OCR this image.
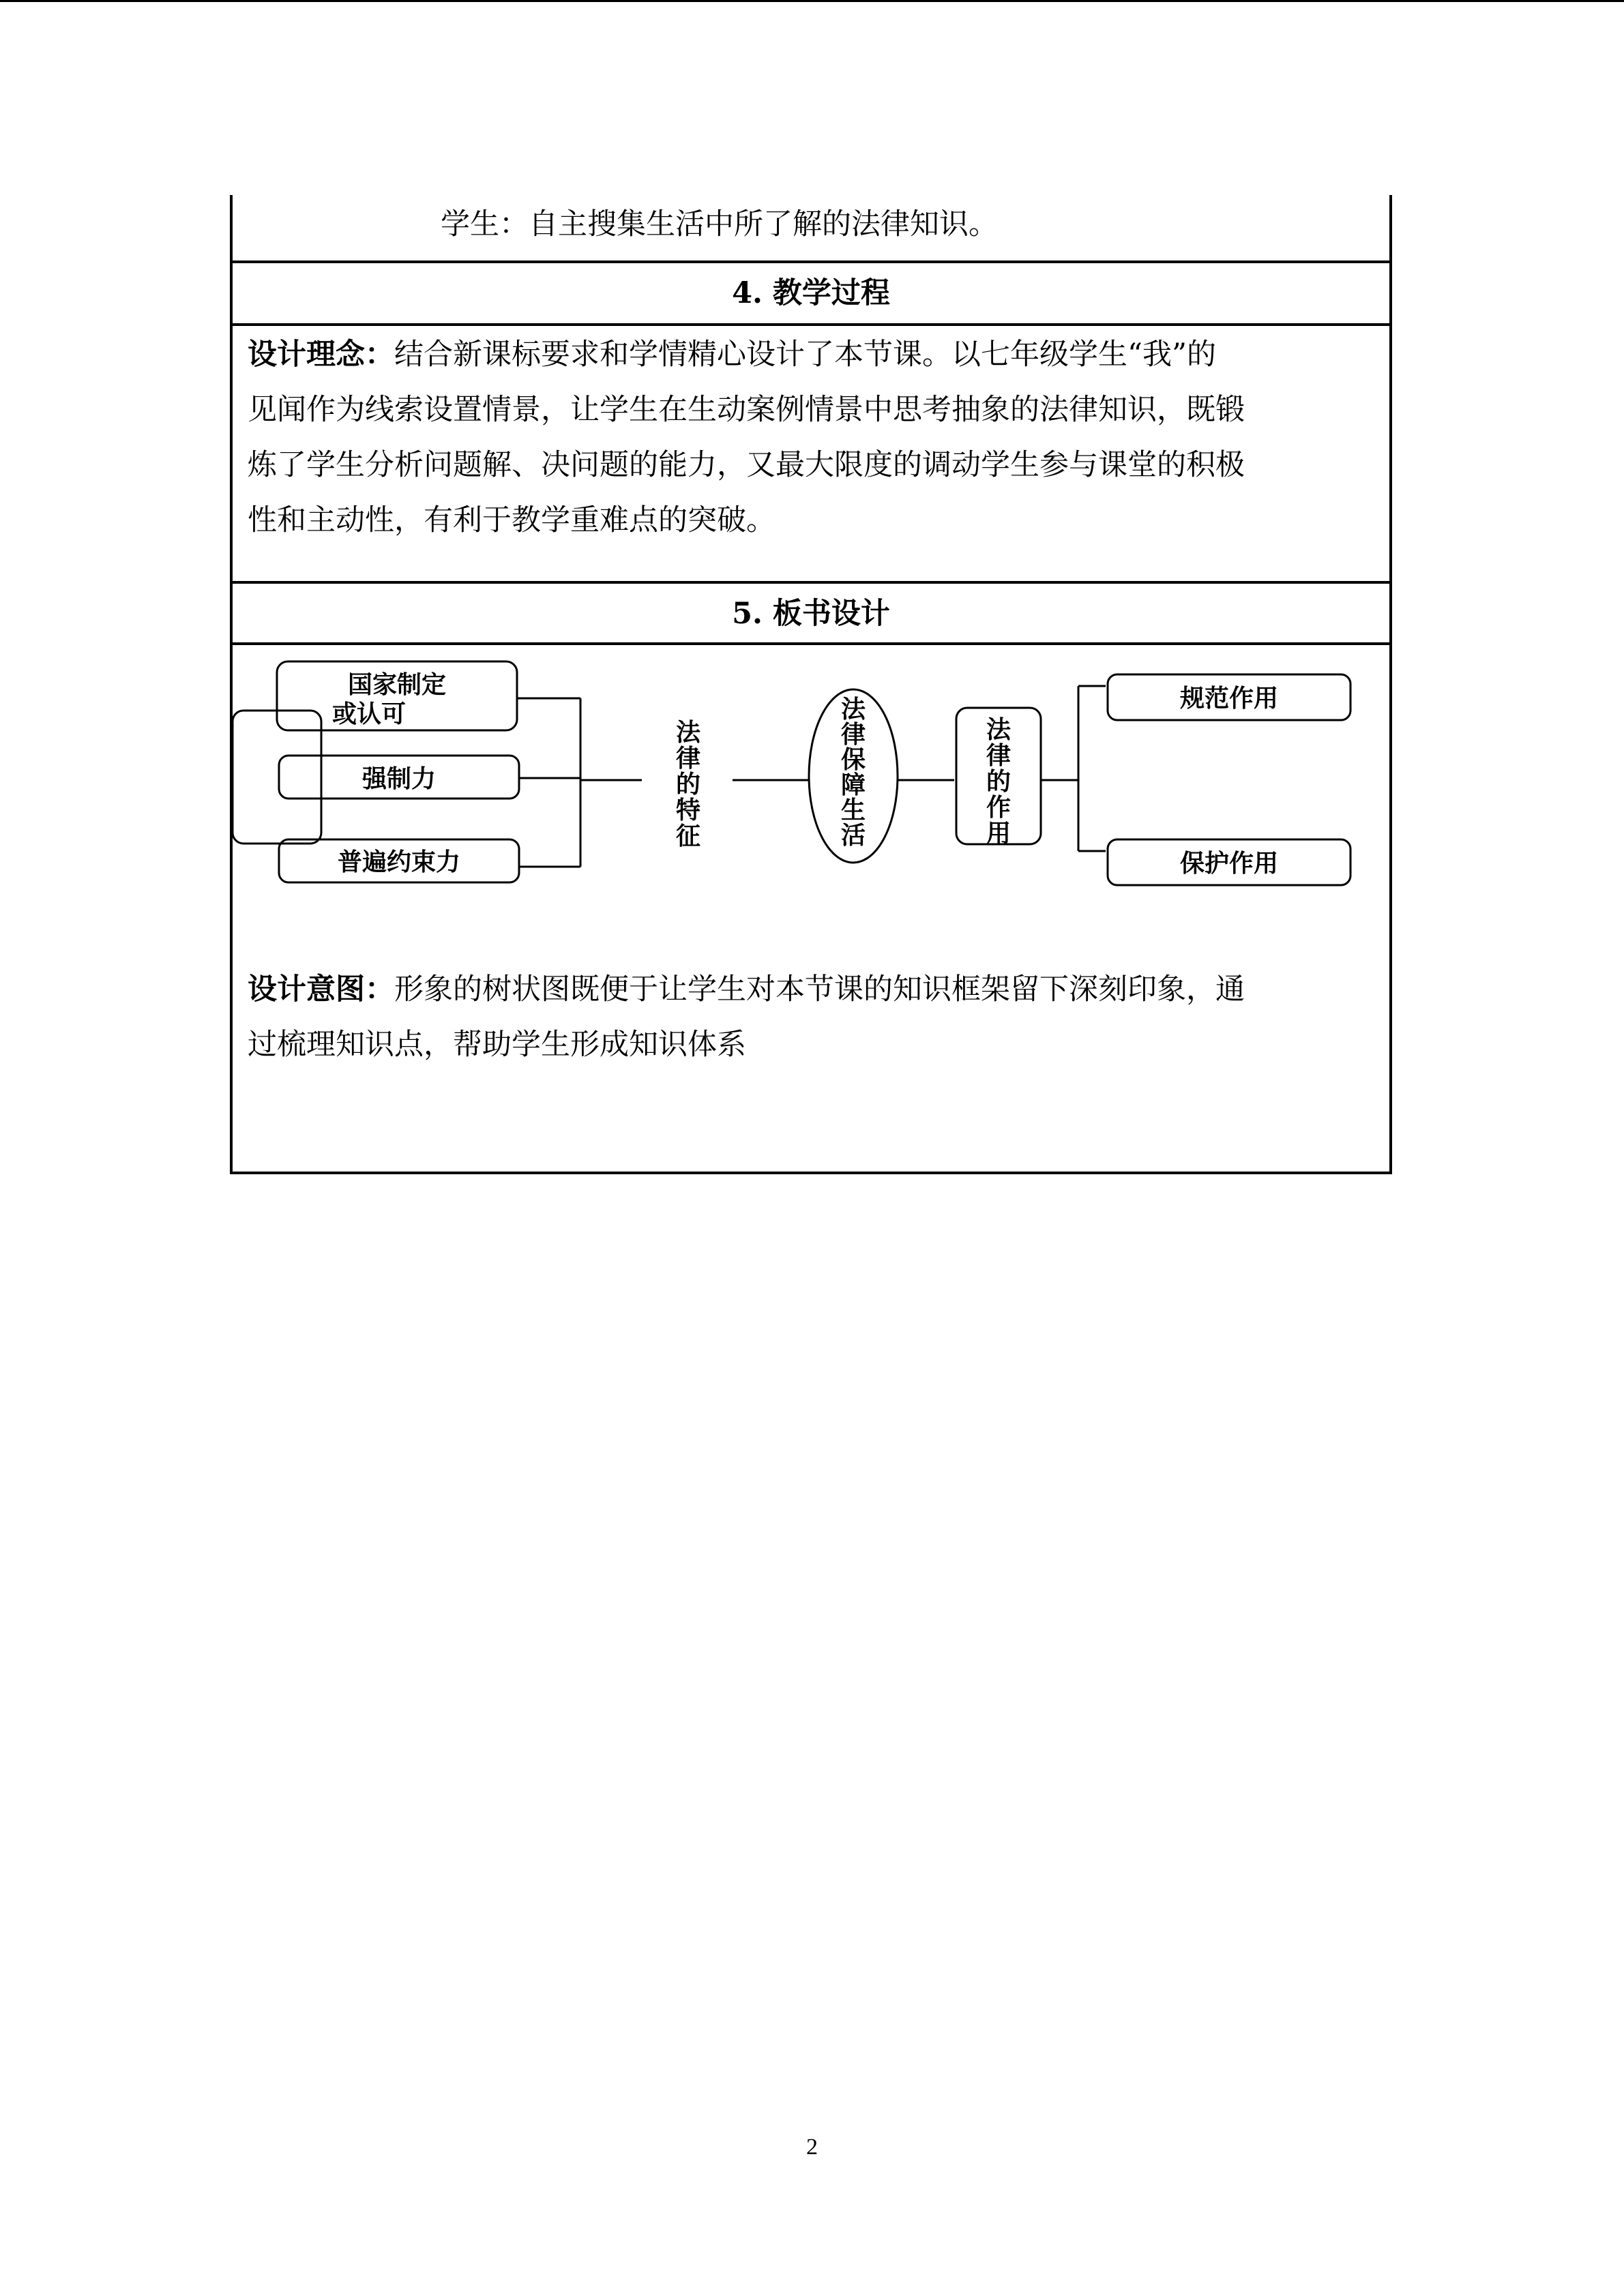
学生：自主搜集生活中所了解的法律知识。
4. 教学过程
设计理念：结合新课标要求和学情精心设计了本节课。以七年级学生“我”的
见闻作为线索设置情景，让学生在生动案例情景中思考抽象的法律知识，既锻
炼了学生分析问题解、决问题的能力，又最大限度的调动学生参与课堂的积极
性和主动性，有利于教学重难点的突破。
5. 板书设计
国家制定
或认可
强制力
普遍约束力
法
律
的
特
征
法
律
保
障
生
活
法
律
的
作
用
规范作用
保护作用
设计意图：形象的树状图既便于让学生对本节课的知识框架留下深刻印象，通
过梳理知识点，帮助学生形成知识体系
2
